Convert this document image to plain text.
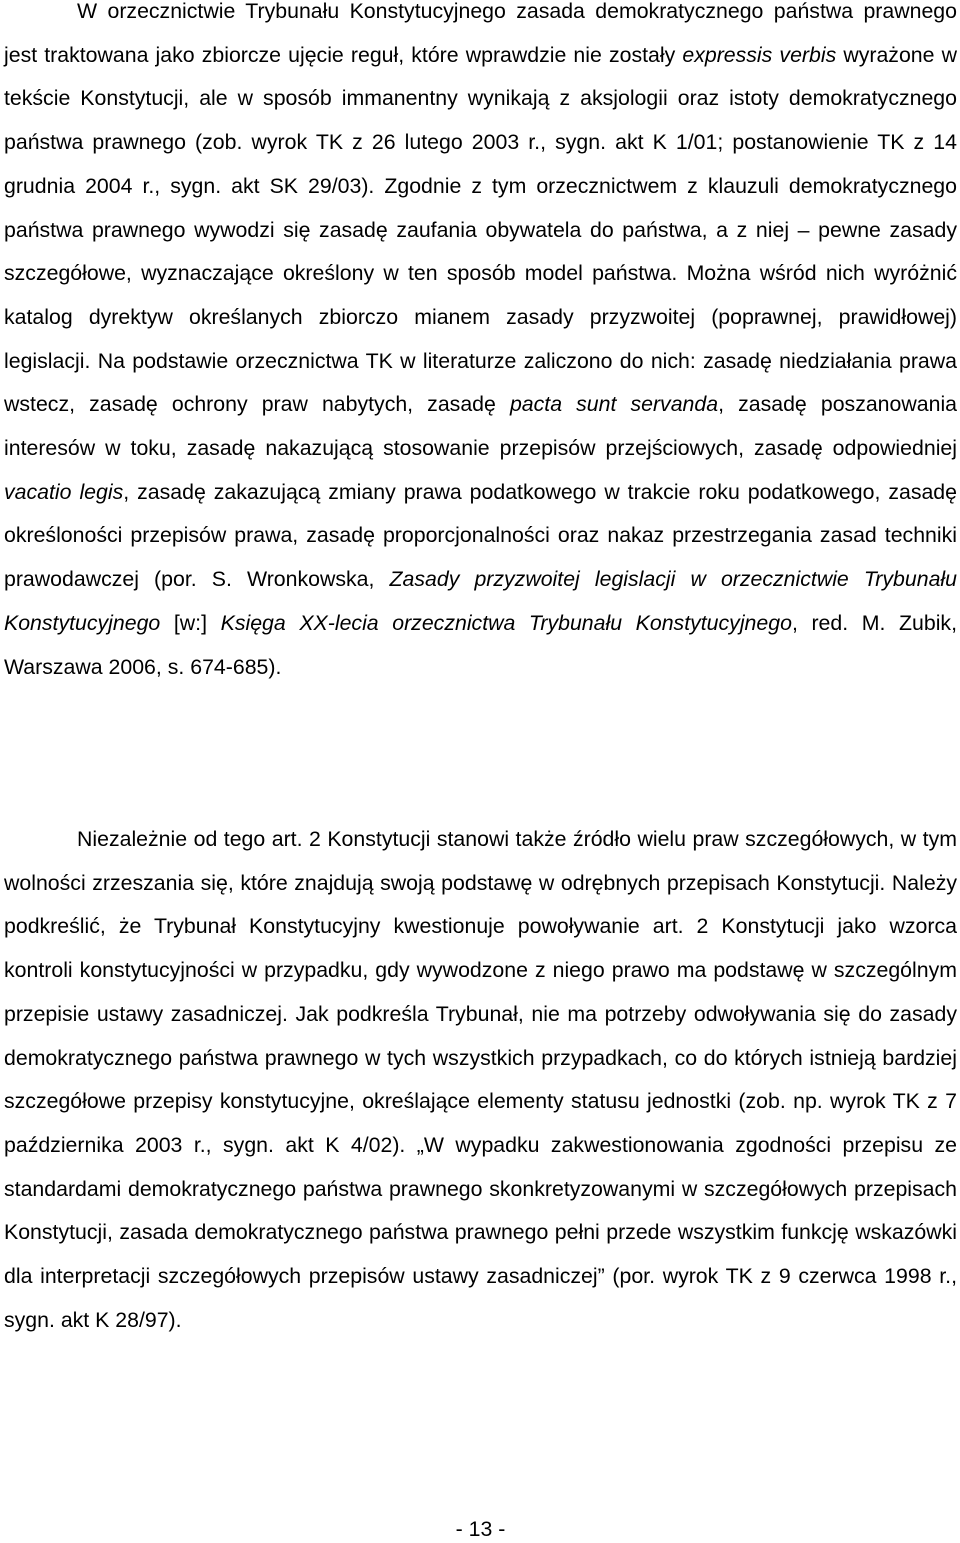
W orzecznictwie Trybunału Konstytucyjnego zasada demokratycznego państwa prawnego jest traktowana jako zbiorcze ujęcie reguł, które wprawdzie nie zostały expressis verbis wyrażone w tekście Konstytucji, ale w sposób immanentny wynikają z aksjologii oraz istoty demokratycznego państwa prawnego (zob. wyrok TK z 26 lutego 2003 r., sygn. akt K 1/01; postanowienie TK z 14 grudnia 2004 r., sygn. akt SK 29/03). Zgodnie z tym orzecznictwem z klauzuli demokratycznego państwa prawnego wywodzi się zasadę zaufania obywatela do państwa, a z niej – pewne zasady szczegółowe, wyznaczające określony w ten sposób model państwa. Można wśród nich wyróżnić katalog dyrektyw określanych zbiorczo mianem zasady przyzwoitej (poprawnej, prawidłowej) legislacji. Na podstawie orzecznictwa TK w literaturze zaliczono do nich: zasadę niedziałania prawa wstecz, zasadę ochrony praw nabytych, zasadę pacta sunt servanda, zasadę poszanowania interesów w toku, zasadę nakazującą stosowanie przepisów przejściowych, zasadę odpowiedniej vacatio legis, zasadę zakazującą zmiany prawa podatkowego w trakcie roku podatkowego, zasadę określoności przepisów prawa, zasadę proporcjonalności oraz nakaz przestrzegania zasad techniki prawodawczej (por. S. Wronkowska, Zasady przyzwoitej legislacji w orzecznictwie Trybunału Konstytucyjnego [w:] Księga XX-lecia orzecznictwa Trybunału Konstytucyjnego, red. M. Zubik, Warszawa 2006, s. 674-685).

Niezależnie od tego art. 2 Konstytucji stanowi także źródło wielu praw szczegółowych, w tym wolności zrzeszania się, które znajdują swoją podstawę w odrębnych przepisach Konstytucji. Należy podkreślić, że Trybunał Konstytucyjny kwestionuje powoływanie art. 2 Konstytucji jako wzorca kontroli konstytucyjności w przypadku, gdy wywodzone z niego prawo ma podstawę w szczególnym przepisie ustawy zasadniczej. Jak podkreśla Trybunał, nie ma potrzeby odwoływania się do zasady demokratycznego państwa prawnego w tych wszystkich przypadkach, co do których istnieją bardziej szczegółowe przepisy konstytucyjne, określające elementy statusu jednostki (zob. np. wyrok TK z 7 października 2003 r., sygn. akt K 4/02). „W wypadku zakwestionowania zgodności przepisu ze standardami demokratycznego państwa prawnego skonkretyzowanymi w szczegółowych przepisach Konstytucji, zasada demokratycznego państwa prawnego pełni przede wszystkim funkcję wskazówki dla interpretacji szczegółowych przepisów ustawy zasadniczej” (por. wyrok TK z 9 czerwca 1998 r., sygn. akt K 28/97).

- 13 -
